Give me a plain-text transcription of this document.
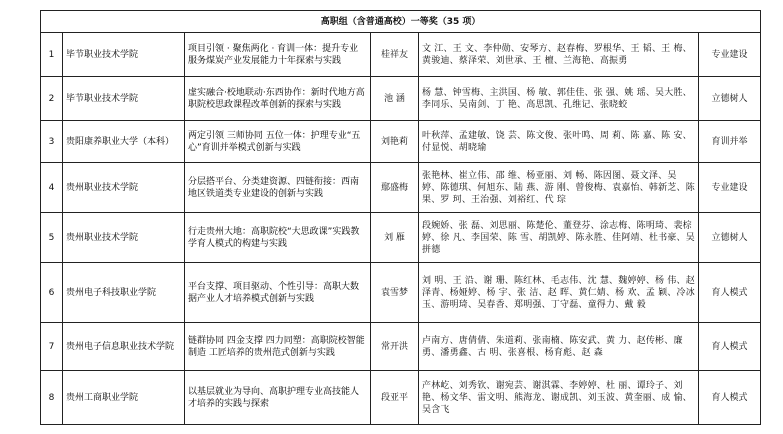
高职组（含普通高校）一等奖（35 项）					
1	毕节职业技术学院	项目引领 · 聚焦两化 · 育训一体：提升专业服务煤炭产业发展能力十年探索与实践	桂祥友	文 江、王 文、李仲勋、安琴方、赵春梅、罗根华、王 韬、王 梅、黄骏迪、蔡泽荣、刘世承、王 檀、兰海艳、高振勇	专业建设
2	毕节职业技术学院	虚实融合·校地联动·东西协作：新时代地方高职院校思政课程改革创新的探索与实践	池 涵	杨 慧、钟雪梅、主洪国、杨 敏、郭佳佳、张 强、姚 瑶、吴大胜、 李同乐、吴南剑、丁 艳、高思凯、孔维记、张晓蛟	立德树人
3	贵阳康养职业大学（本科）	两定引领 三师协同 五位一体：护理专业“五心”育训并举模式创新与实践	刘艳莉	叶秋萍、孟建敏、饶 芸、陈文俊、张叶鸣、周 莉、陈 嘉、陈 安、付显悦、胡晓瑜	育训并举
4	贵州职业技术学院	分层搭平台、分类建资源、四链衔接：西南地区铁道类专业建设的创新与实践	鄢盛梅	张艳林、崔立伟、邵 维、杨亚丽、刘 畅、陈因图、聂文泽、吴 婷、陈德琪、何旭东、陆 燕、游 刚、曾俊梅、袁嘉怡、韩新芝、陈 果、罗 珂、王治强、刘裕红、代 琮	专业建设
5	贵州职业技术学院	行走贵州大地：高职院校“大思政课”实践教学育人模式的构建与实践	刘 雁	段婉娇、张 磊、刘思丽、陈楚伦、董登芬、涂志梅、陈明琦、裴棕婷、徐 凡、李国荣、陈 雪、胡凯婷、陈永胜、佳阿靖、杜书豪、吴拼德	立德树人
6	贵州电子科技职业学院	平台支撑、项目驱动、个性引导：高职大数据产业人才培养模式创新与实践	袁雪梦	刘 明、王 沿、谢 珊、陈红林、毛志伟、沈 慧、魏婷婷、杨 伟、赵泽青、杨娅婷、杨 宇、张 洁、赵 晖、黄仁婧、杨 欢、孟 颖、冷冰玉、游明琦、吴春香、郑明强、丁守磊、童得力、戴 毅	育人模式
7	贵州电子信息职业技术学院	链群协同 四金支撑 四力同塑：高职院校智能制造 工匠培养的贵州范式创新与实践	常开洪	卢南方、唐倩倩、朱道莉、张南楠、陈安武、黄 力、赵传彬、廉 勇、潘勇鑫、古 明、张喜根、杨育彪、赵 森	育人模式
8	贵州工商职业学院	以基层就业为导向、高职护理专业高技能人才培养的实践与探索	段亚平	产林屹、刘秀钦、谢宛芸、谢淇霖、李婷婷、杜 丽、谭玲子、刘 艳、杨文华、雷文明、熊海龙、谢成凯、刘玉波、黄奎丽、成 愉、吴含飞	育人模式
